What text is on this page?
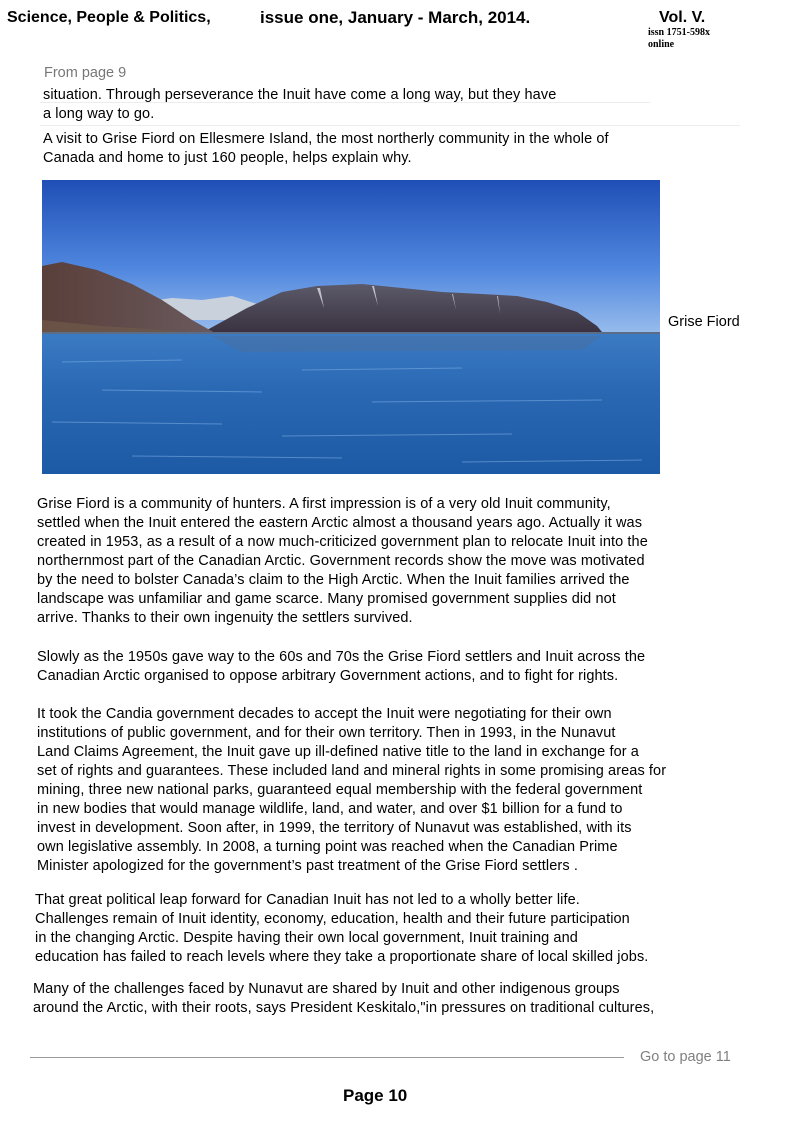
Science, People & Politics,	issue one, January - March, 2014.	Vol. V.
issn 1751-598x
online
From page 9
situation. Through perseverance the Inuit have come a long way, but they have
a long way to go.
A visit to Grise Fiord on Ellesmere Island, the most northerly community in the whole of
Canada and home to just 160 people, helps explain why.
Grise Fiord
Grise Fiord is a community of hunters. A first impression is of a very old Inuit community,
settled when the Inuit entered the eastern Arctic almost a thousand years ago. Actually it was
created in 1953, as a result of a now much-criticized government plan to relocate Inuit into the
northernmost part of the Canadian Arctic. Government records show the move was motivated
by the need to bolster Canada’s claim to the High Arctic. When the Inuit families arrived the
landscape was unfamiliar and game scarce. Many promised government supplies did not
arrive. Thanks to their own ingenuity the settlers survived.
Slowly as the 1950s gave way to the 60s and 70s the Grise Fiord settlers and Inuit across the
Canadian Arctic organised to oppose arbitrary Government actions, and to fight for rights.
It took the Candia government decades to accept the Inuit were negotiating for their own
institutions of public government, and for their own territory. Then in 1993, in the Nunavut
Land Claims Agreement, the Inuit gave up ill-defined native title to the land in exchange for a
set of rights and guarantees. These included land and mineral rights in some promising areas for
mining, three new national parks, guaranteed equal membership with the federal government
in new bodies that would manage wildlife, land, and water, and over $1 billion for a fund to
invest in development. Soon after, in 1999, the territory of Nunavut was established, with its
own legislative assembly. In 2008, a turning point was reached when the Canadian Prime
Minister apologized for the government’s past treatment of the Grise Fiord settlers .
That great political leap forward for Canadian Inuit has not led to a wholly better life.
Challenges remain of Inuit identity, economy, education, health and their future participation
in the changing Arctic. Despite having their own local government, Inuit training and
education has failed to reach levels where they take a proportionate share of local skilled jobs.
Many of the challenges faced by Nunavut are shared by Inuit and other indigenous groups
around the Arctic, with their roots, says President Keskitalo,"in pressures on traditional cultures,
Go to page 11
Page 10
